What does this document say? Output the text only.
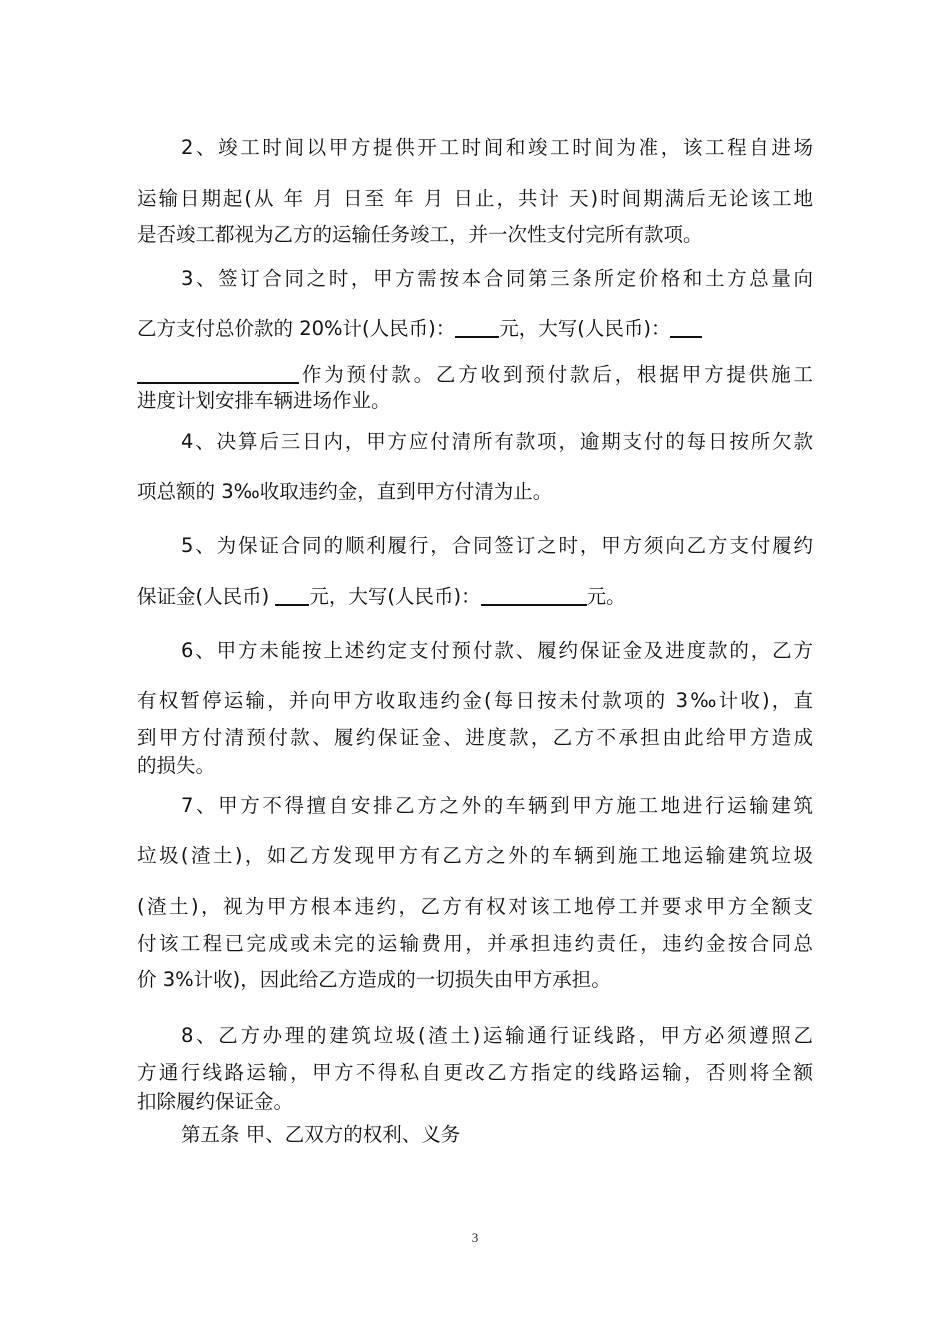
2、竣工时间以甲方提供开工时间和竣工时间为准，该工程自进场
运输日期起(从 年 月 日至 年 月 日止，共计 天)时间期满后无论该工地
是否竣工都视为乙方的运输任务竣工，并一次性支付完所有款项。
3、签订合同之时，甲方需按本合同第三条所定价格和土方总量向
乙方支付总价款的 20%计(人民币)： 元，大写(人民币)：
作为预付款。乙方收到预付款后，根据甲方提供施工
进度计划安排车辆进场作业。
4、决算后三日内，甲方应付清所有款项，逾期支付的每日按所欠款
项总额的 3‰收取违约金，直到甲方付清为止。
5、为保证合同的顺利履行，合同签订之时，甲方须向乙方支付履约
保证金(人民币) 元，大写(人民币)：	元。
6、甲方未能按上述约定支付预付款、履约保证金及进度款的，乙方
有权暂停运输，并向甲方收取违约金(每日按未付款项的 3‰计收)，直
到甲方付清预付款、履约保证金、进度款，乙方不承担由此给甲方造成
的损失。
7、甲方不得擅自安排乙方之外的车辆到甲方施工地进行运输建筑
垃圾(渣土)，如乙方发现甲方有乙方之外的车辆到施工地运输建筑垃圾
(渣土)，视为甲方根本违约，乙方有权对该工地停工并要求甲方全额支
付该工程已完成或未完的运输费用，并承担违约责任，违约金按合同总
价 3%计收)，因此给乙方造成的一切损失由甲方承担。
8、乙方办理的建筑垃圾(渣土)运输通行证线路，甲方必须遵照乙
方通行线路运输，甲方不得私自更改乙方指定的线路运输，否则将全额
扣除履约保证金。
第五条 甲、乙双方的权利、义务
3
